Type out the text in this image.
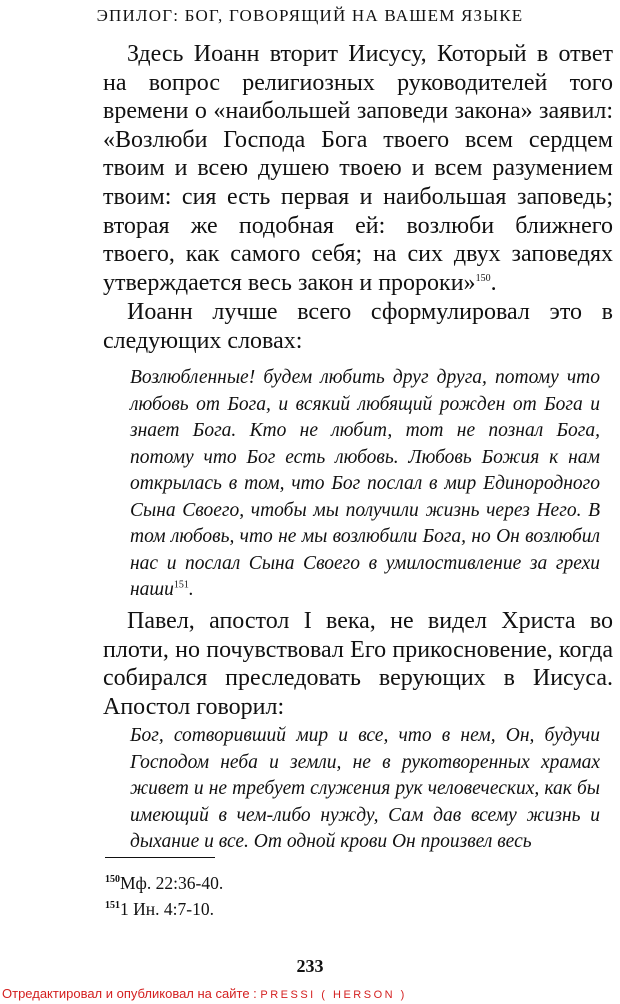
ЭПИЛОГ: БОГ, ГОВОРЯЩИЙ НА ВАШЕМ ЯЗЫКЕ

Здесь Иоанн вторит Иисусу, Который в ответ на вопрос религиозных руководителей того времени о «наибольшей заповеди закона» заявил: «Возлюби Господа Бога твоего всем сердцем твоим и всею душею твоею и всем разумением твоим: сия есть первая и наибольшая заповедь; вторая же подобная ей: возлюби ближнего твоего, как самого себя; на сих двух заповедях утверждается весь закон и пророки»$^{150}$.

Иоанн лучше всего сформулировал это в следующих словах:

Возлюбленные! будем любить друг друга, потому что любовь от Бога, и всякий любящий рожден от Бога и знает Бога. Кто не любит, тот не познал Бога, потому что Бог есть любовь. Любовь Божия к нам открылась в том, что Бог послал в мир Единородного Сына Своего, чтобы мы получили жизнь через Него. В том любовь, что не мы возлюбили Бога, но Он возлюбил нас и послал Сына Своего в умилостивление за грехи наши$^{151}$.

Павел, апостол I века, не видел Христа во плоти, но почувствовал Его прикосновение, когда собирался преследовать верующих в Иисуса. Апостол говорил:

Бог, сотворивший мир и все, что в нем, Он, будучи Господом неба и земли, не в рукотворенных храмах живет и не требует служения рук человеческих, как бы имеющий в чем-либо нужду, Сам дав всему жизнь и дыхание и все. От одной крови Он произвел весь

$^{150}$Мф. 22:36-40.
$^{151}$1 Ин. 4:7-10.
233
Отредактировал и опубликовал на сайте : PRESSI ( HERSON )
